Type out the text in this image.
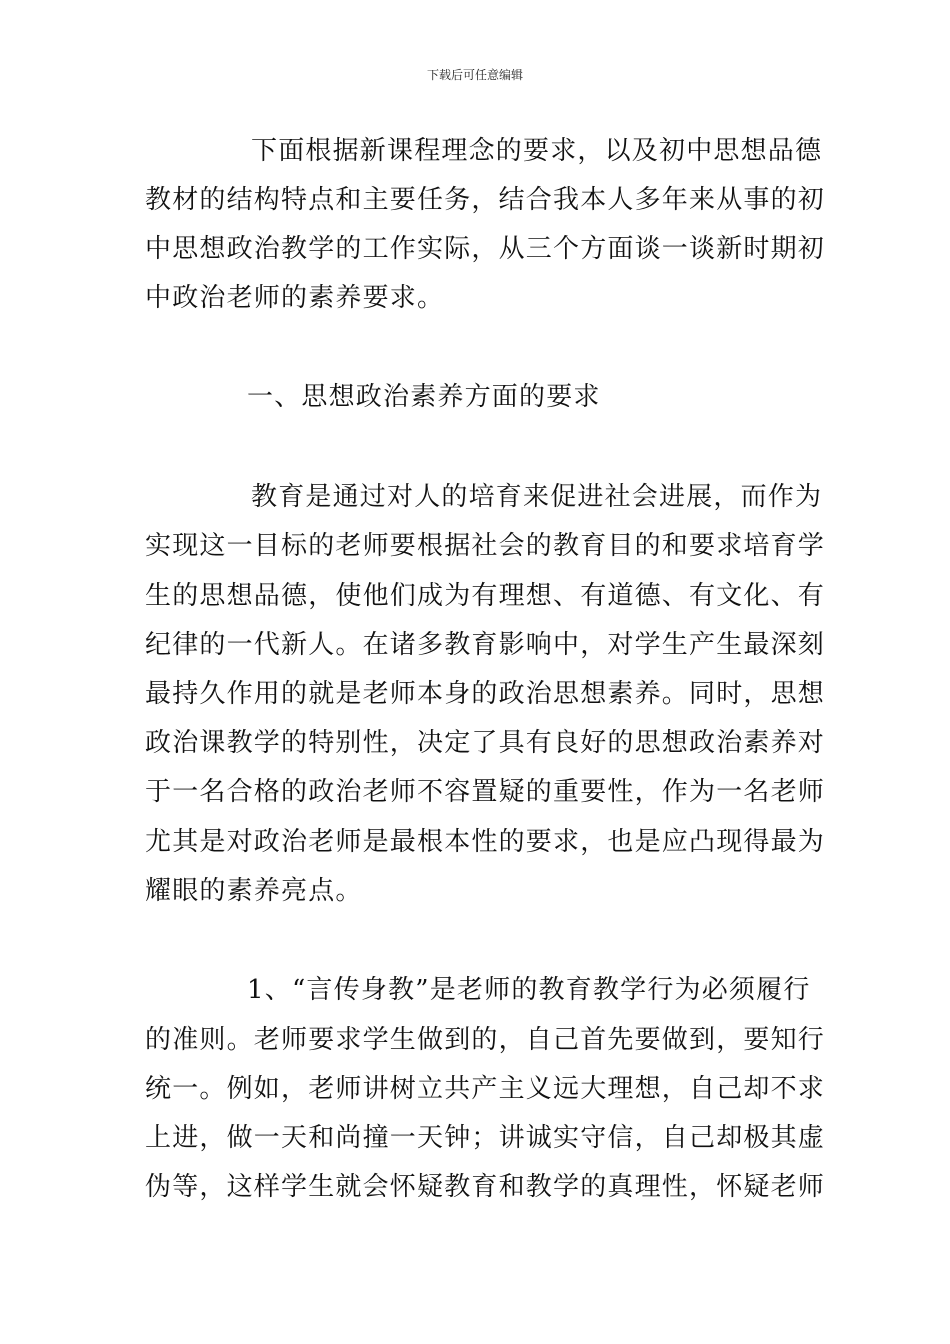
下载后可任意编辑
下面根据新课程理念的要求，以及初中思想品德
教材的结构特点和主要任务，结合我本人多年来从事的初
中思想政治教学的工作实际，从三个方面谈一谈新时期初
中政治老师的素养要求。
一、思想政治素养方面的要求
教育是通过对人的培育来促进社会进展，而作为
实现这一目标的老师要根据社会的教育目的和要求培育学
生的思想品德，使他们成为有理想、有道德、有文化、有
纪律的一代新人。在诸多教育影响中，对学生产生最深刻
最持久作用的就是老师本身的政治思想素养。同时，思想
政治课教学的特别性，决定了具有良好的思想政治素养对
于一名合格的政治老师不容置疑的重要性，作为一名老师
尤其是对政治老师是最根本性的要求，也是应凸现得最为
耀眼的素养亮点。
1、“言传身教”是老师的教育教学行为必须履行
的准则。老师要求学生做到的，自己首先要做到，要知行
统一。例如，老师讲树立共产主义远大理想，自己却不求
上进，做一天和尚撞一天钟；讲诚实守信，自己却极其虚
伪等，这样学生就会怀疑教育和教学的真理性，怀疑老师
